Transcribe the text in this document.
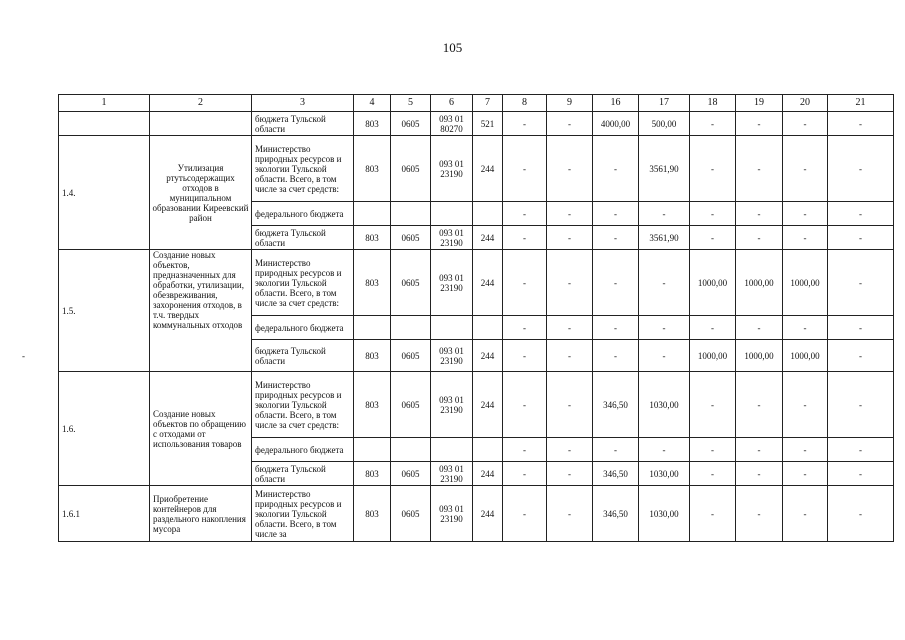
105
-
1	2	3	4	5	6	7	8	9	16	17	18	19	20	21
		бюджета Тульской области	803	0605	093 01 80270	521	-	-	4000,00	500,00	-	-	-	-
1.4.	Утилизация ртутьсодержащих отходов в муниципальном образовании Киреевский район	Министерство природных ресурсов и экологии Тульской области. Всего, в том числе за счет средств:	803	0605	093 01 23190	244	-	-	-	3561,90	-	-	-	-
		федерального бюджета					-	-	-	-	-	-	-	-
		бюджета Тульской области	803	0605	093 01 23190	244	-	-	-	3561,90	-	-	-	-
1.5.	Создание новых объектов, предназначенных для обработки, утилизации, обезвреживания, захоронения отходов, в т.ч. твердых коммунальных отходов	Министерство природных ресурсов и экологии Тульской области. Всего, в том числе за счет средств:	803	0605	093 01 23190	244	-	-	-	-	1000,00	1000,00	1000,00	-
		федерального бюджета					-	-	-	-	-	-	-	-
		бюджета Тульской области	803	0605	093 01 23190	244	-	-	-	-	1000,00	1000,00	1000,00	-
1.6.	Создание новых объектов по обращению с отходами от использования товаров	Министерство природных ресурсов и экологии Тульской области. Всего, в том числе за счет средств:	803	0605	093 01 23190	244	-	-	346,50	1030,00	-	-	-	-
		федерального бюджета					-	-	-	-	-	-	-	-
		бюджета Тульской области	803	0605	093 01 23190	244	-	-	346,50	1030,00	-	-	-	-
1.6.1	Приобретение контейнеров для раздельного накопления мусора	Министерство природных ресурсов и экологии Тульской области. Всего, в том числе за	803	0605	093 01 23190	244	-	-	346,50	1030,00	-	-	-	-
